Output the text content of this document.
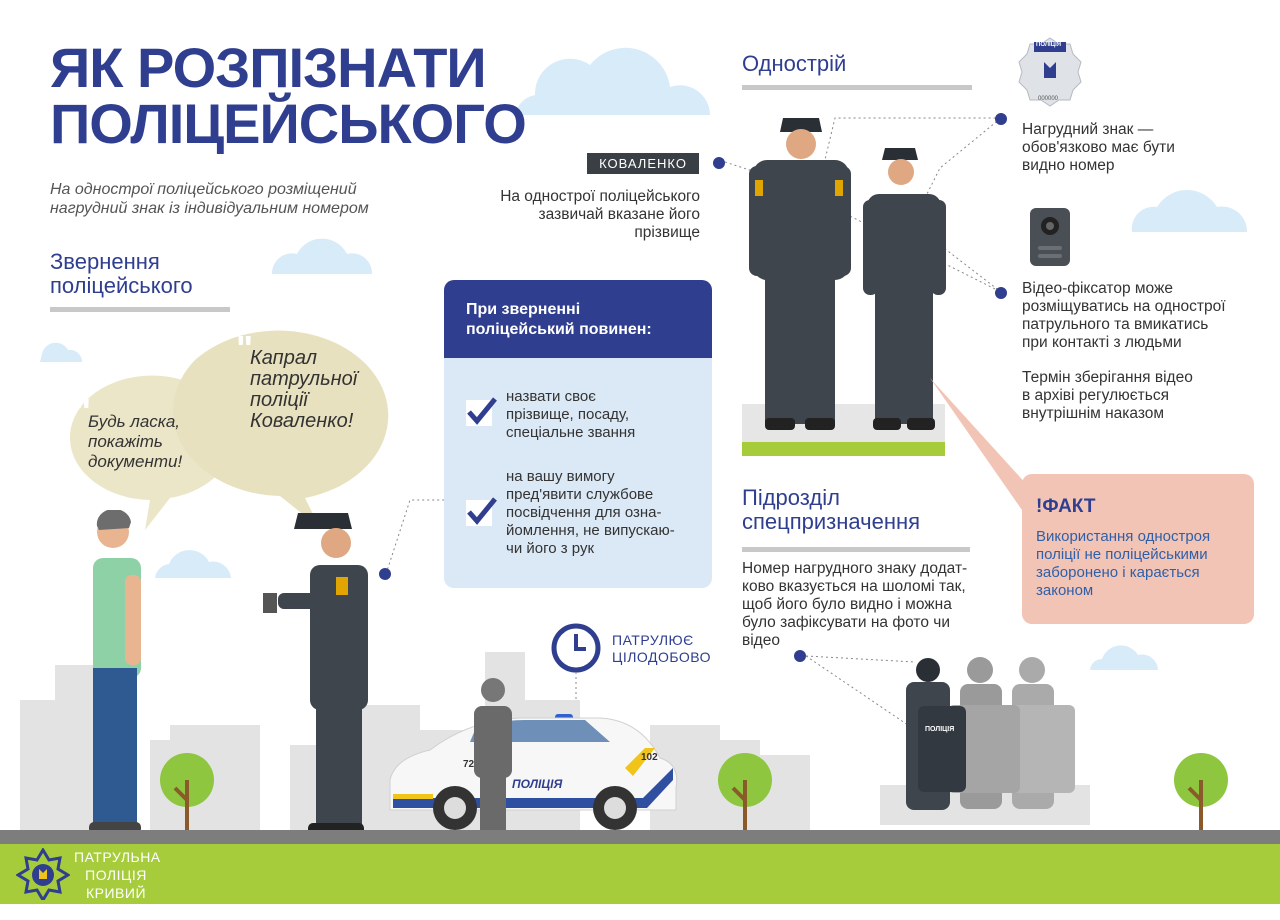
ЯК РОЗПІЗНАТИ
ПОЛІЦЕЙСЬКОГО
На однострої поліцейського розміщений нагрудний знак із індивідуальним номером
Звернення
поліцейського
"
Будь ласка,
покажіть
документи!
"
Капрал
патрульної
поліції
Коваленко!
При зверненні
поліцейський повинен:
назвати своє
прізвище, посаду,
спеціальне звання
на вашу вимогу
пред'явити службове
посвідчення для озна-
йомлення, не випускаю-
чи його з рук
ПАТРУЛЮЄ
ЦІЛОДОБОВО
ПОЛІЦІЯ
72
102
Однострій
КОВАЛЕНКО
На однострої поліцейського
зазвичай вказане його
прізвище
ПОЛІЦІЯ
000000
Нагрудний знак —
обов'язково має бути
видно номер
Відео-фіксатор може
розміщуватись на однострої
патрульного та вмикатись
при контакті з людьми
Термін зберігання відео
в архіві регулюється
внутрішнім наказом
!ФАКТ
Використання одностроя
поліції не поліцейськими
заборонено і карається
законом
Підрозділ
спецпризначення
Номер нагрудного знаку додат-
ково вказується на шоломі так,
щоб його було видно і можна
було зафіксувати на фото чи
відео
ПОЛІЦІЯ
ПАТРУЛЬНА
ПОЛІЦІЯ
КРИВИЙ РІГ
